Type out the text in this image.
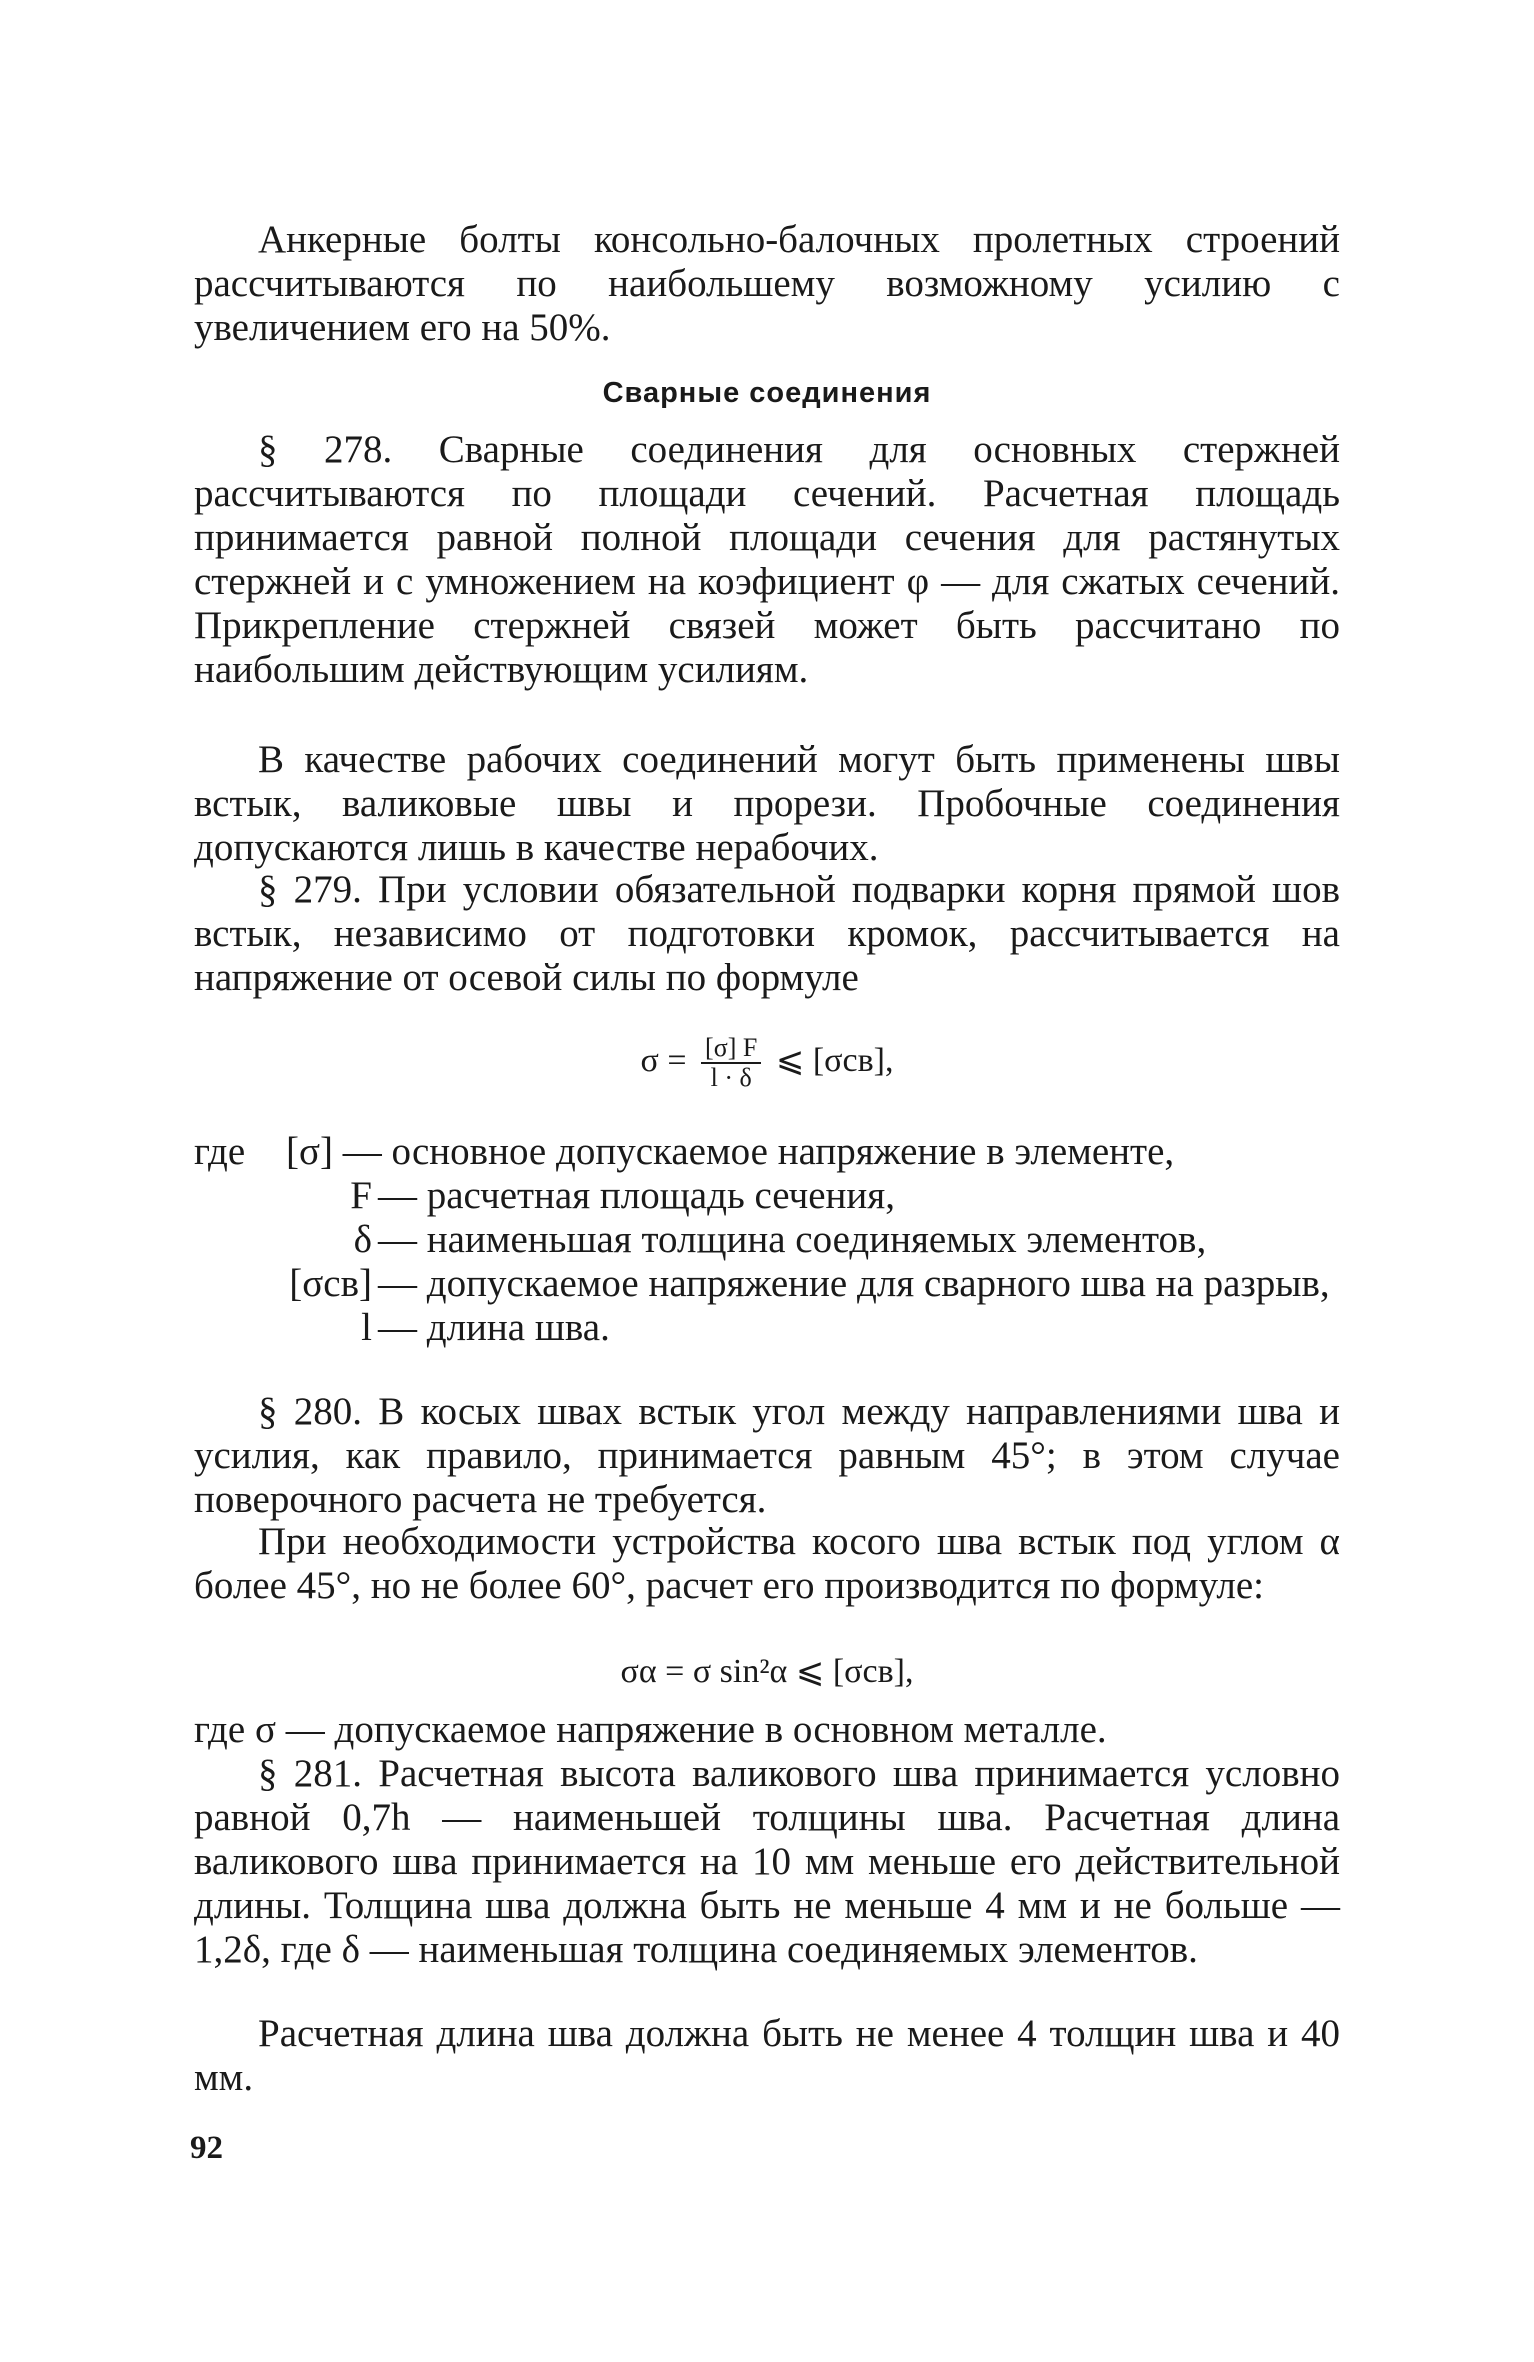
Анкерные болты консольно-балочных пролетных строений рассчитываются по наибольшему возможному усилию с увеличением его на 50%.

Сварные соединения

§ 278. Сварные соединения для основных стержней рассчитываются по площади сечений. Расчетная площадь принимается равной полной площади сечения для растянутых стержней и с умножением на коэфициент φ — для сжатых сечений. Прикрепление стержней связей может быть рассчитано по наибольшим действующим усилиям.

В качестве рабочих соединений могут быть применены швы встык, валиковые швы и прорези. Пробочные соединения допускаются лишь в качестве нерабочих.

§ 279. При условии обязательной подварки корня прямой шов встык, независимо от подготовки кромок, рассчитывается на напряжение от осевой силы по формуле

$\sigma = \frac{[\sigma] F}{l \cdot \delta}$ ⩽ [σсв],
где	[σ] — основное допускаемое напряжение в элементе,
F — расчетная площадь сечения,
δ — наименьшая толщина соединяемых элементов,
[σсв] — допускаемое напряжение для сварного шва на разрыв,
l — длина шва.

§ 280. В косых швах встык угол между направлениями шва и усилия, как правило, принимается равным 45°; в этом случае поверочного расчета не требуется.

При необходимости устройства косого шва встык под углом α более 45°, но не более 60°, расчет его производится по формуле:

σα = σ sin²α ⩽ [σсв],

где σ — допускаемое напряжение в основном металле.

§ 281. Расчетная высота валикового шва принимается условно равной 0,7h — наименьшей толщины шва. Расчетная длина валикового шва принимается на 10 мм меньше его действительной длины. Толщина шва должна быть не меньше 4 мм и не больше — 1,2δ, где δ — наименьшая толщина соединяемых элементов.

Расчетная длина шва должна быть не менее 4 толщин шва и 40 мм.

92
